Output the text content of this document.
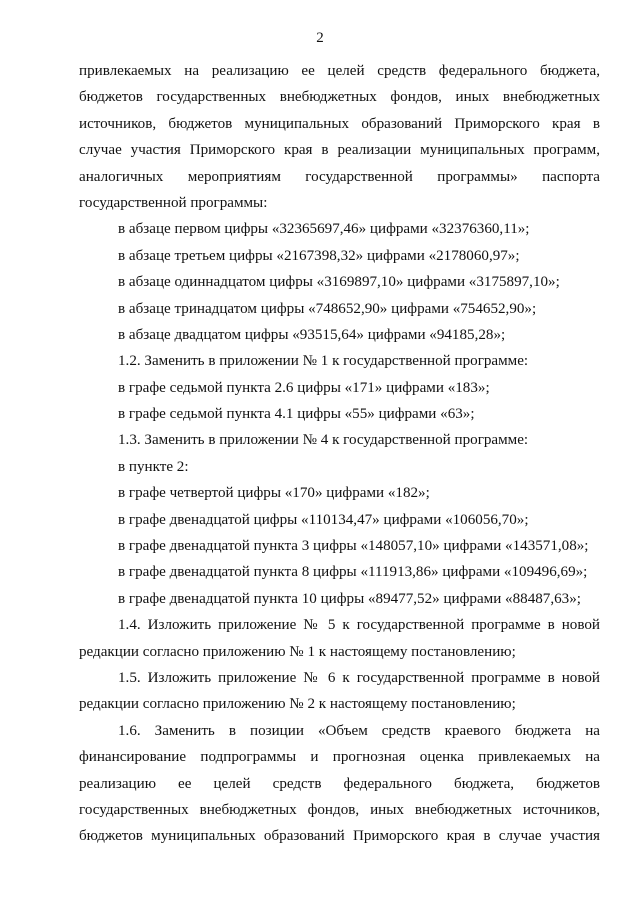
2
привлекаемых на реализацию ее целей средств федерального бюджета,
бюджетов государственных внебюджетных фондов, иных внебюджетных
источников, бюджетов муниципальных образований Приморского края в
случае участия Приморского края в реализации муниципальных программ,
аналогичных мероприятиям государственной программы» паспорта
государственной программы:
в абзаце первом цифры «32365697,46» цифрами «32376360,11»;
в абзаце третьем цифры «2167398,32» цифрами «2178060,97»;
в абзаце одиннадцатом цифры «3169897,10» цифрами «3175897,10»;
в абзаце тринадцатом цифры «748652,90» цифрами «754652,90»;
в абзаце двадцатом цифры «93515,64» цифрами «94185,28»;
1.2. Заменить в приложении № 1 к государственной программе:
в графе седьмой пункта 2.6 цифры «171» цифрами «183»;
в графе седьмой пункта 4.1 цифры «55» цифрами «63»;
1.3. Заменить в приложении № 4 к государственной программе:
в пункте 2:
в графе четвертой цифры «170» цифрами «182»;
в графе двенадцатой цифры «110134,47» цифрами «106056,70»;
в графе двенадцатой пункта 3 цифры «148057,10» цифрами «143571,08»;
в графе двенадцатой пункта 8 цифры «111913,86» цифрами «109496,69»;
в графе двенадцатой пункта 10 цифры «89477,52» цифрами «88487,63»;
1.4. Изложить приложение № 5 к государственной программе в новой
редакции согласно приложению № 1 к настоящему постановлению;
1.5. Изложить приложение № 6 к государственной программе в новой
редакции согласно приложению № 2 к настоящему постановлению;
1.6. Заменить в позиции «Объем средств краевого бюджета на
финансирование подпрограммы и прогнозная оценка привлекаемых на
реализацию ее целей средств федерального бюджета, бюджетов
государственных внебюджетных фондов, иных внебюджетных источников,
бюджетов муниципальных образований Приморского края в случае участия
